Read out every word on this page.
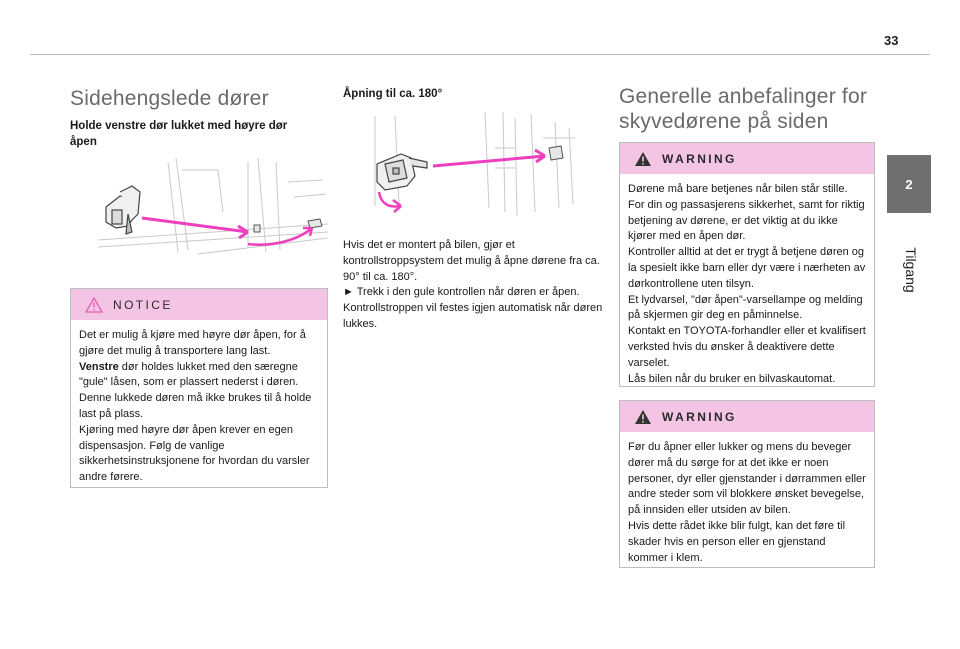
33
2
Tilgang
Sidehengslede dører
Holde venstre dør lukket med høyre dør åpen
NOTICE

Det er mulig å kjøre med høyre dør åpen, for å gjøre det mulig å transportere lang last.

Venstre dør holdes lukket med den særegne "gule" låsen, som er plassert nederst i døren. Denne lukkede døren må ikke brukes til å holde last på plass.

Kjøring med høyre dør åpen krever en egen dispensasjon. Følg de vanlige sikkerhetsinstruksjonene for hvordan du varsler andre førere.

Åpning til ca. 180°

Hvis det er montert på bilen, gjør et kontrollstroppsystem det mulig å åpne dørene fra ca. 90° til ca. 180°.

► Trekk i den gule kontrollen når døren er åpen. Kontrollstroppen vil festes igjen automatisk når døren lukkes.

Generelle anbefalinger for skyvedørene på siden
WARNING

Dørene må bare betjenes når bilen står stille.

For din og passasjerens sikkerhet, samt for riktig betjening av dørene, er det viktig at du ikke kjører med en åpen dør.

Kontroller alltid at det er trygt å betjene døren og la spesielt ikke barn eller dyr være i nærheten av dørkontrollene uten tilsyn.

Et lydvarsel, "dør åpen"-varsellampe og melding på skjermen gir deg en påminnelse.

Kontakt en TOYOTA-forhandler eller et kvalifisert verksted hvis du ønsker å deaktivere dette varselet.

Lås bilen når du bruker en bilvaskautomat.

WARNING

Før du åpner eller lukker og mens du beveger dører må du sørge for at det ikke er noen personer, dyr eller gjenstander i dørrammen eller andre steder som vil blokkere ønsket bevegelse, på innsiden eller utsiden av bilen.

Hvis dette rådet ikke blir fulgt, kan det føre til skader hvis en person eller en gjenstand kommer i klem.
